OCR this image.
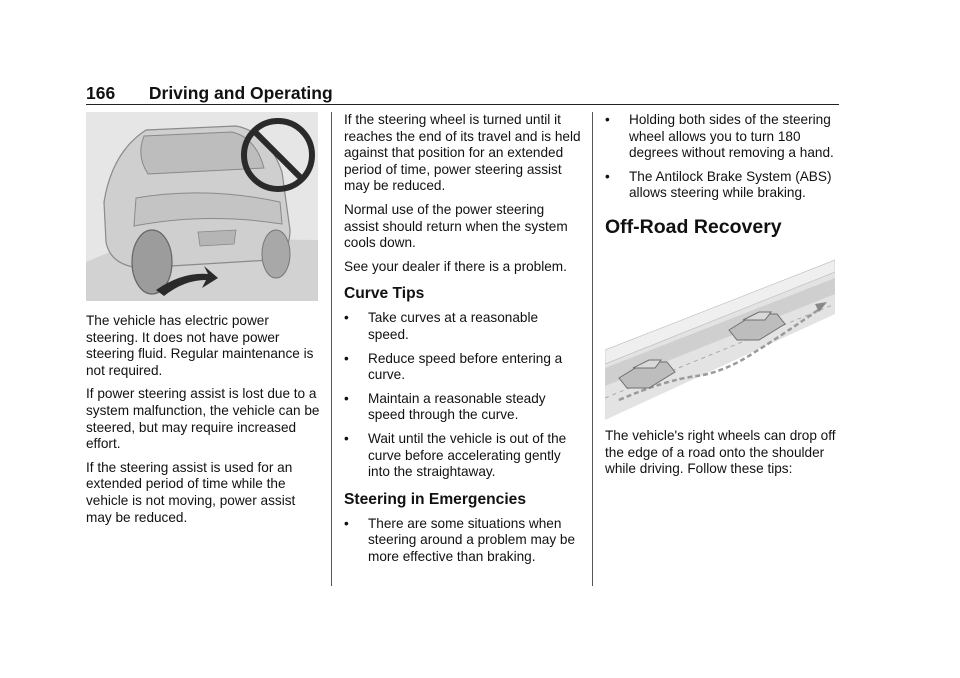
166 Driving and Operating

The vehicle has electric power steering. It does not have power steering fluid. Regular maintenance is not required.

If power steering assist is lost due to a system malfunction, the vehicle can be steered, but may require increased effort.

If the steering assist is used for an extended period of time while the vehicle is not moving, power assist may be reduced.

If the steering wheel is turned until it reaches the end of its travel and is held against that position for an extended period of time, power steering assist may be reduced.

Normal use of the power steering assist should return when the system cools down.

See your dealer if there is a problem.

Curve Tips
• Take curves at a reasonable speed.
• Reduce speed before entering a curve.
• Maintain a reasonable steady speed through the curve.
• Wait until the vehicle is out of the curve before accelerating gently into the straightaway.
Steering in Emergencies
• There are some situations when steering around a problem may be more effective than braking.
• Holding both sides of the steering wheel allows you to turn 180 degrees without removing a hand.
• The Antilock Brake System (ABS) allows steering while braking.
Off-Road Recovery

The vehicle's right wheels can drop off the edge of a road onto the shoulder while driving. Follow these tips:
